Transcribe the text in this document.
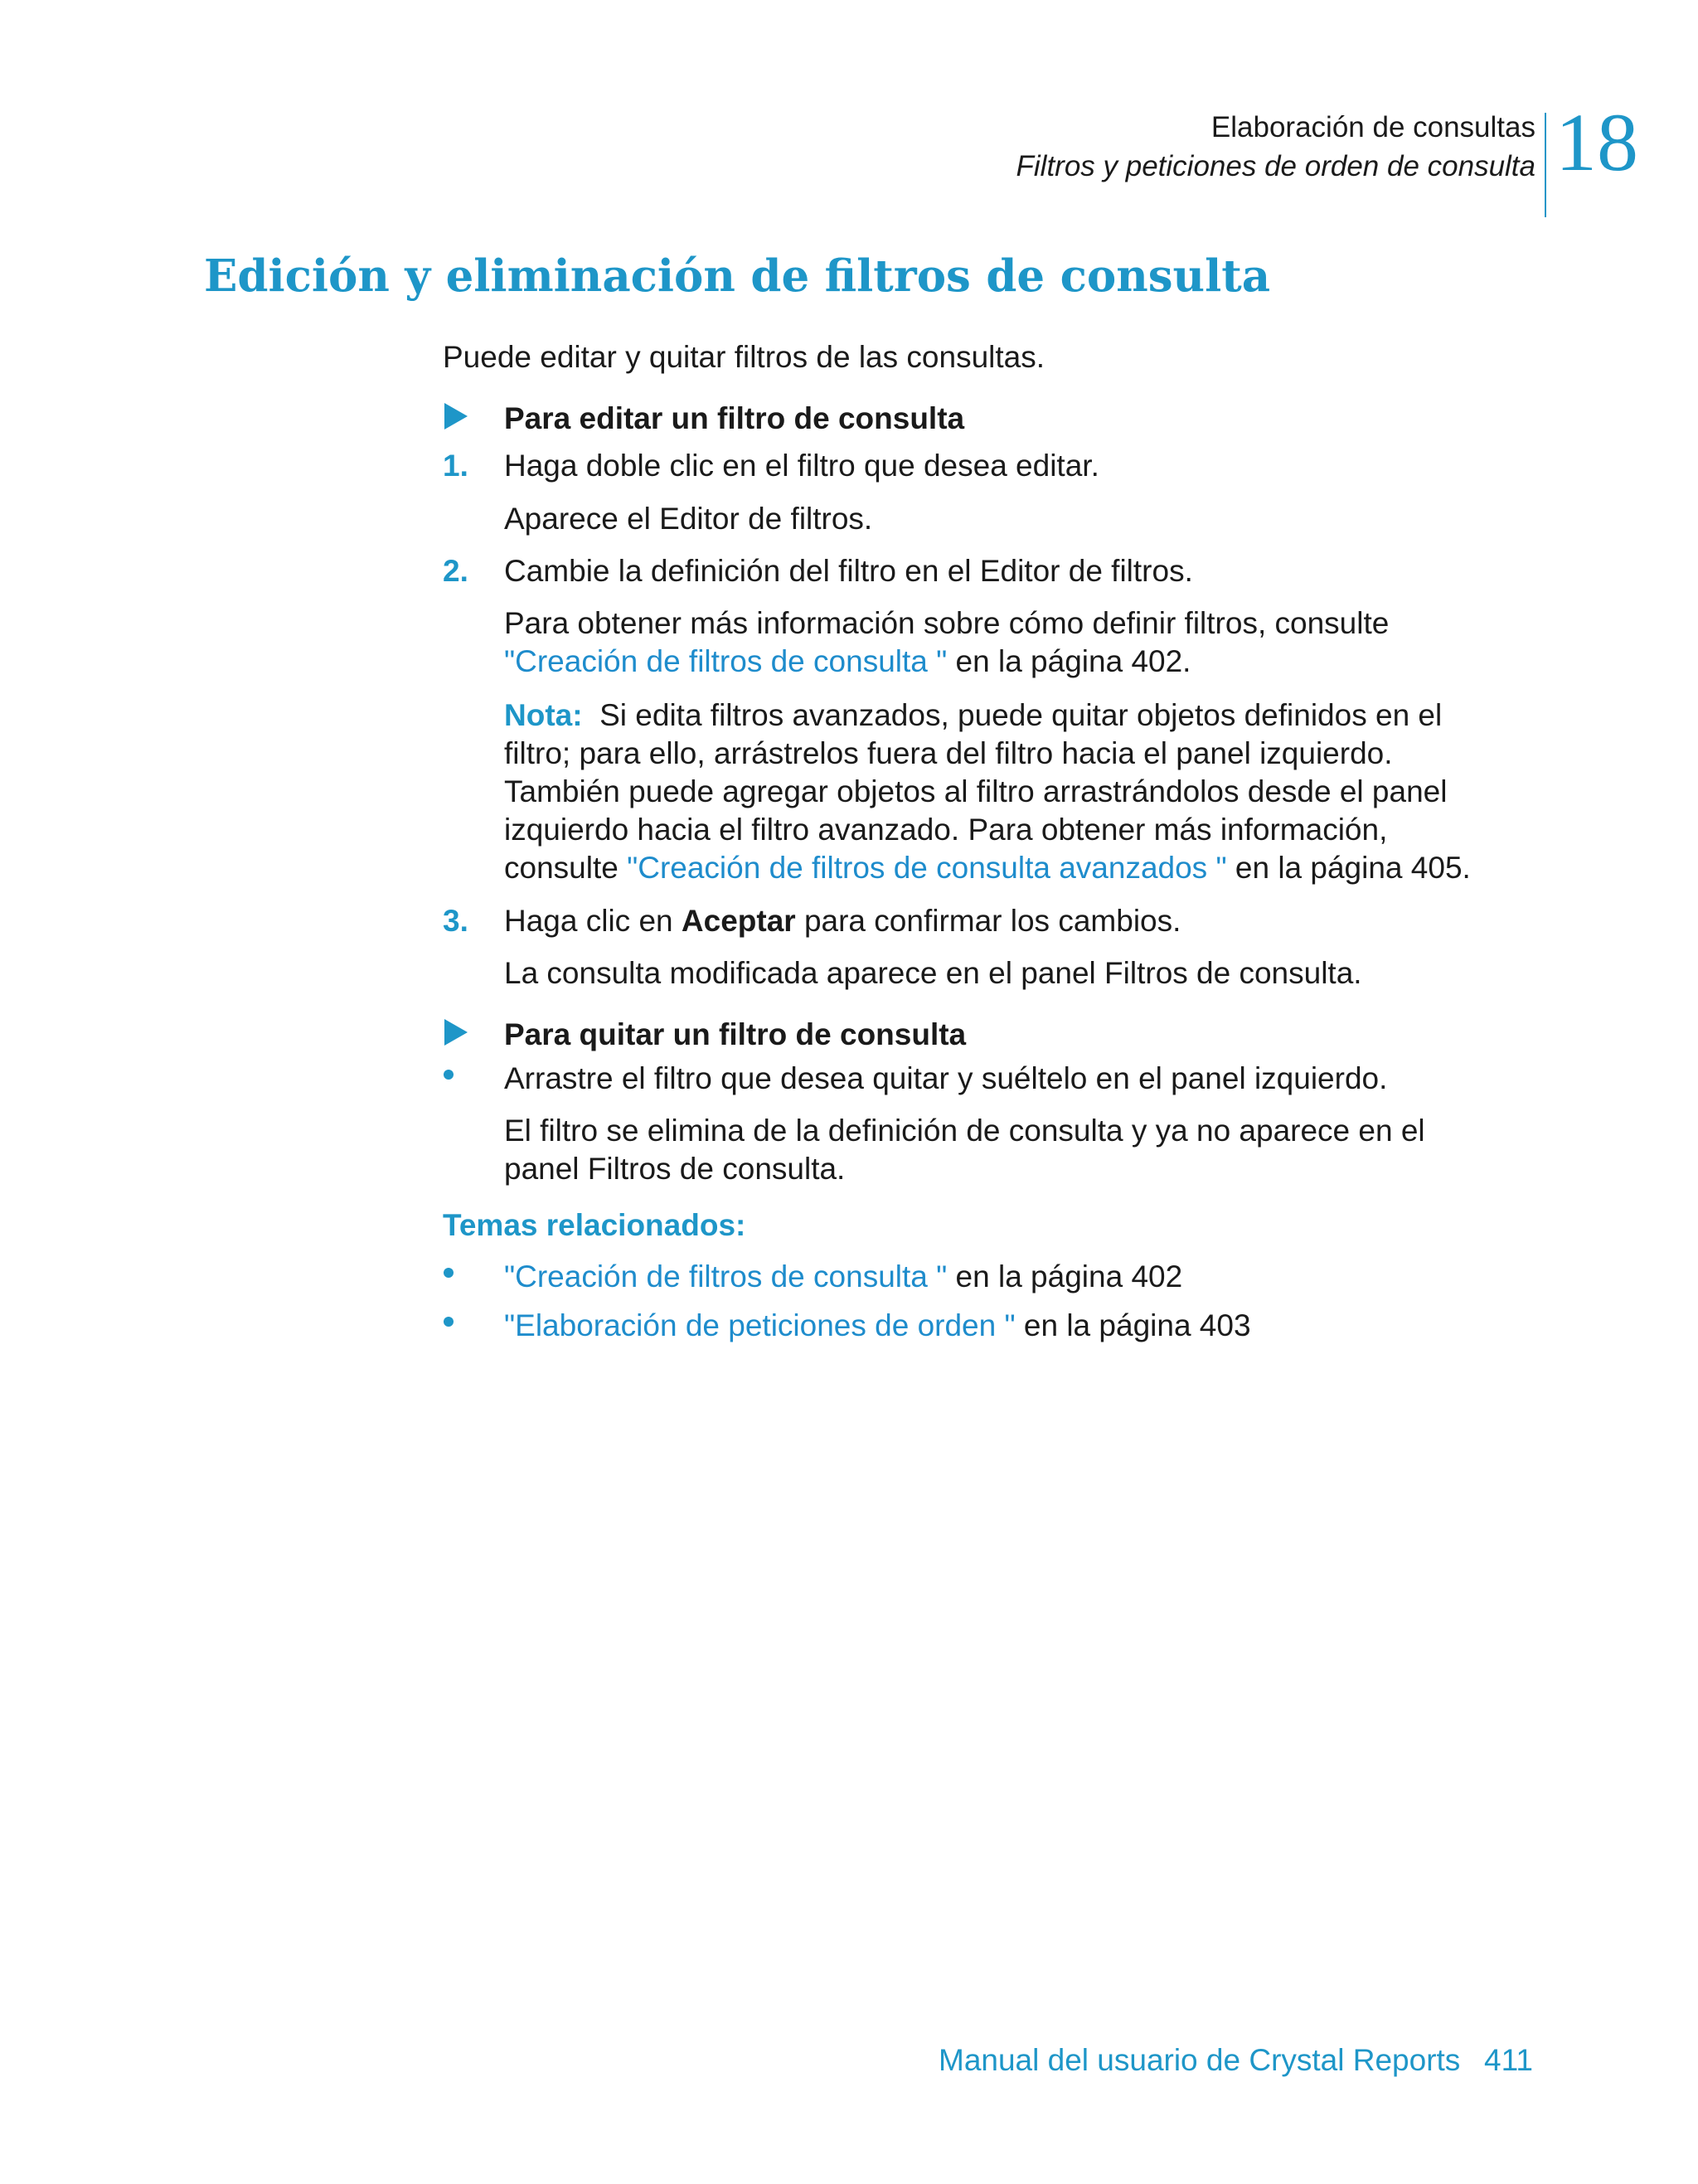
Elaboración de consultas
Filtros y peticiones de orden de consulta 18
Edición y eliminación de filtros de consulta
Puede editar y quitar filtros de las consultas.
Para editar un filtro de consulta
1. Haga doble clic en el filtro que desea editar.
Aparece el Editor de filtros.
2. Cambie la definición del filtro en el Editor de filtros.
Para obtener más información sobre cómo definir filtros, consulte
"Creación de filtros de consulta " en la página 402.
Nota: Si edita filtros avanzados, puede quitar objetos definidos en el
filtro; para ello, arrástrelos fuera del filtro hacia el panel izquierdo.
También puede agregar objetos al filtro arrastrándolos desde el panel
izquierdo hacia el filtro avanzado. Para obtener más información,
consulte "Creación de filtros de consulta avanzados " en la página 405.
3. Haga clic en Aceptar para confirmar los cambios.
La consulta modificada aparece en el panel Filtros de consulta.
Para quitar un filtro de consulta
Arrastre el filtro que desea quitar y suéltelo en el panel izquierdo.
El filtro se elimina de la definición de consulta y ya no aparece en el
panel Filtros de consulta.
Temas relacionados:
"Creación de filtros de consulta " en la página 402
"Elaboración de peticiones de orden " en la página 403
Manual del usuario de Crystal Reports 411
